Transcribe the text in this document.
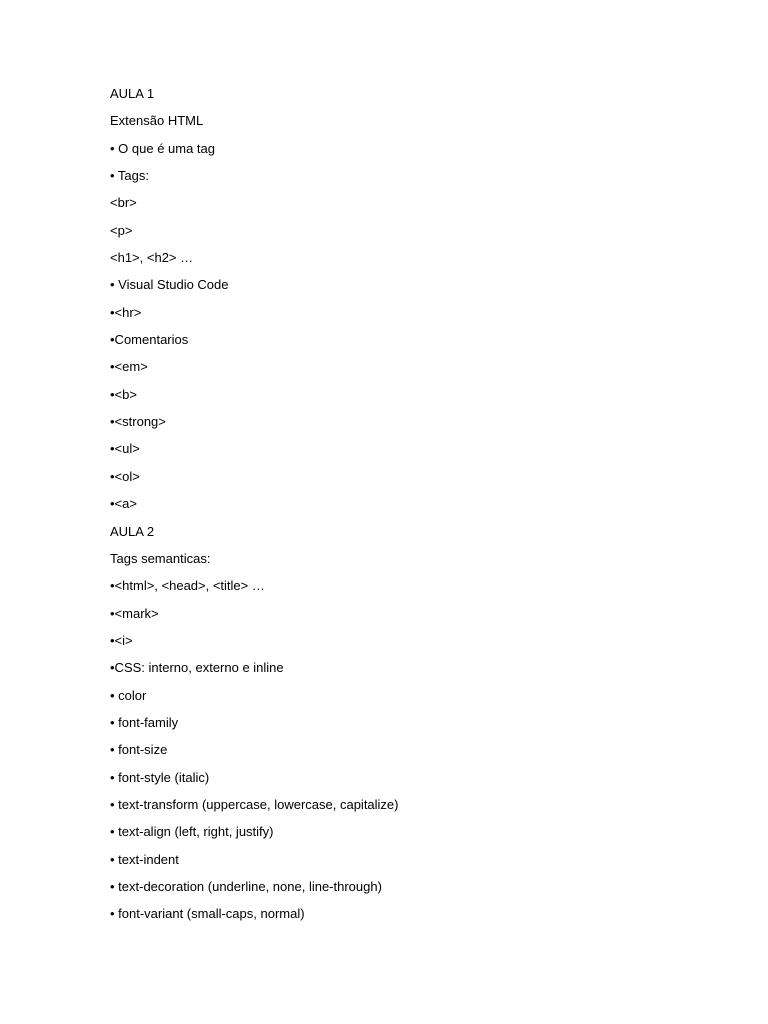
AULA 1
Extensão HTML
• O que é uma tag
• Tags:
<br>
<p>
<h1>, <h2> …
• Visual Studio Code
•<hr>
•Comentarios
•<em>
•<b>
•<strong>
•<ul>
•<ol>
•<a>
AULA 2
Tags semanticas:
•<html>, <head>, <title> …
•<mark>
•<i>
•CSS: interno, externo e inline
• color
• font-family
• font-size
• font-style (italic)
• text-transform (uppercase, lowercase, capitalize)
• text-align (left, right, justify)
• text-indent
• text-decoration (underline, none, line-through)
• font-variant (small-caps, normal)
